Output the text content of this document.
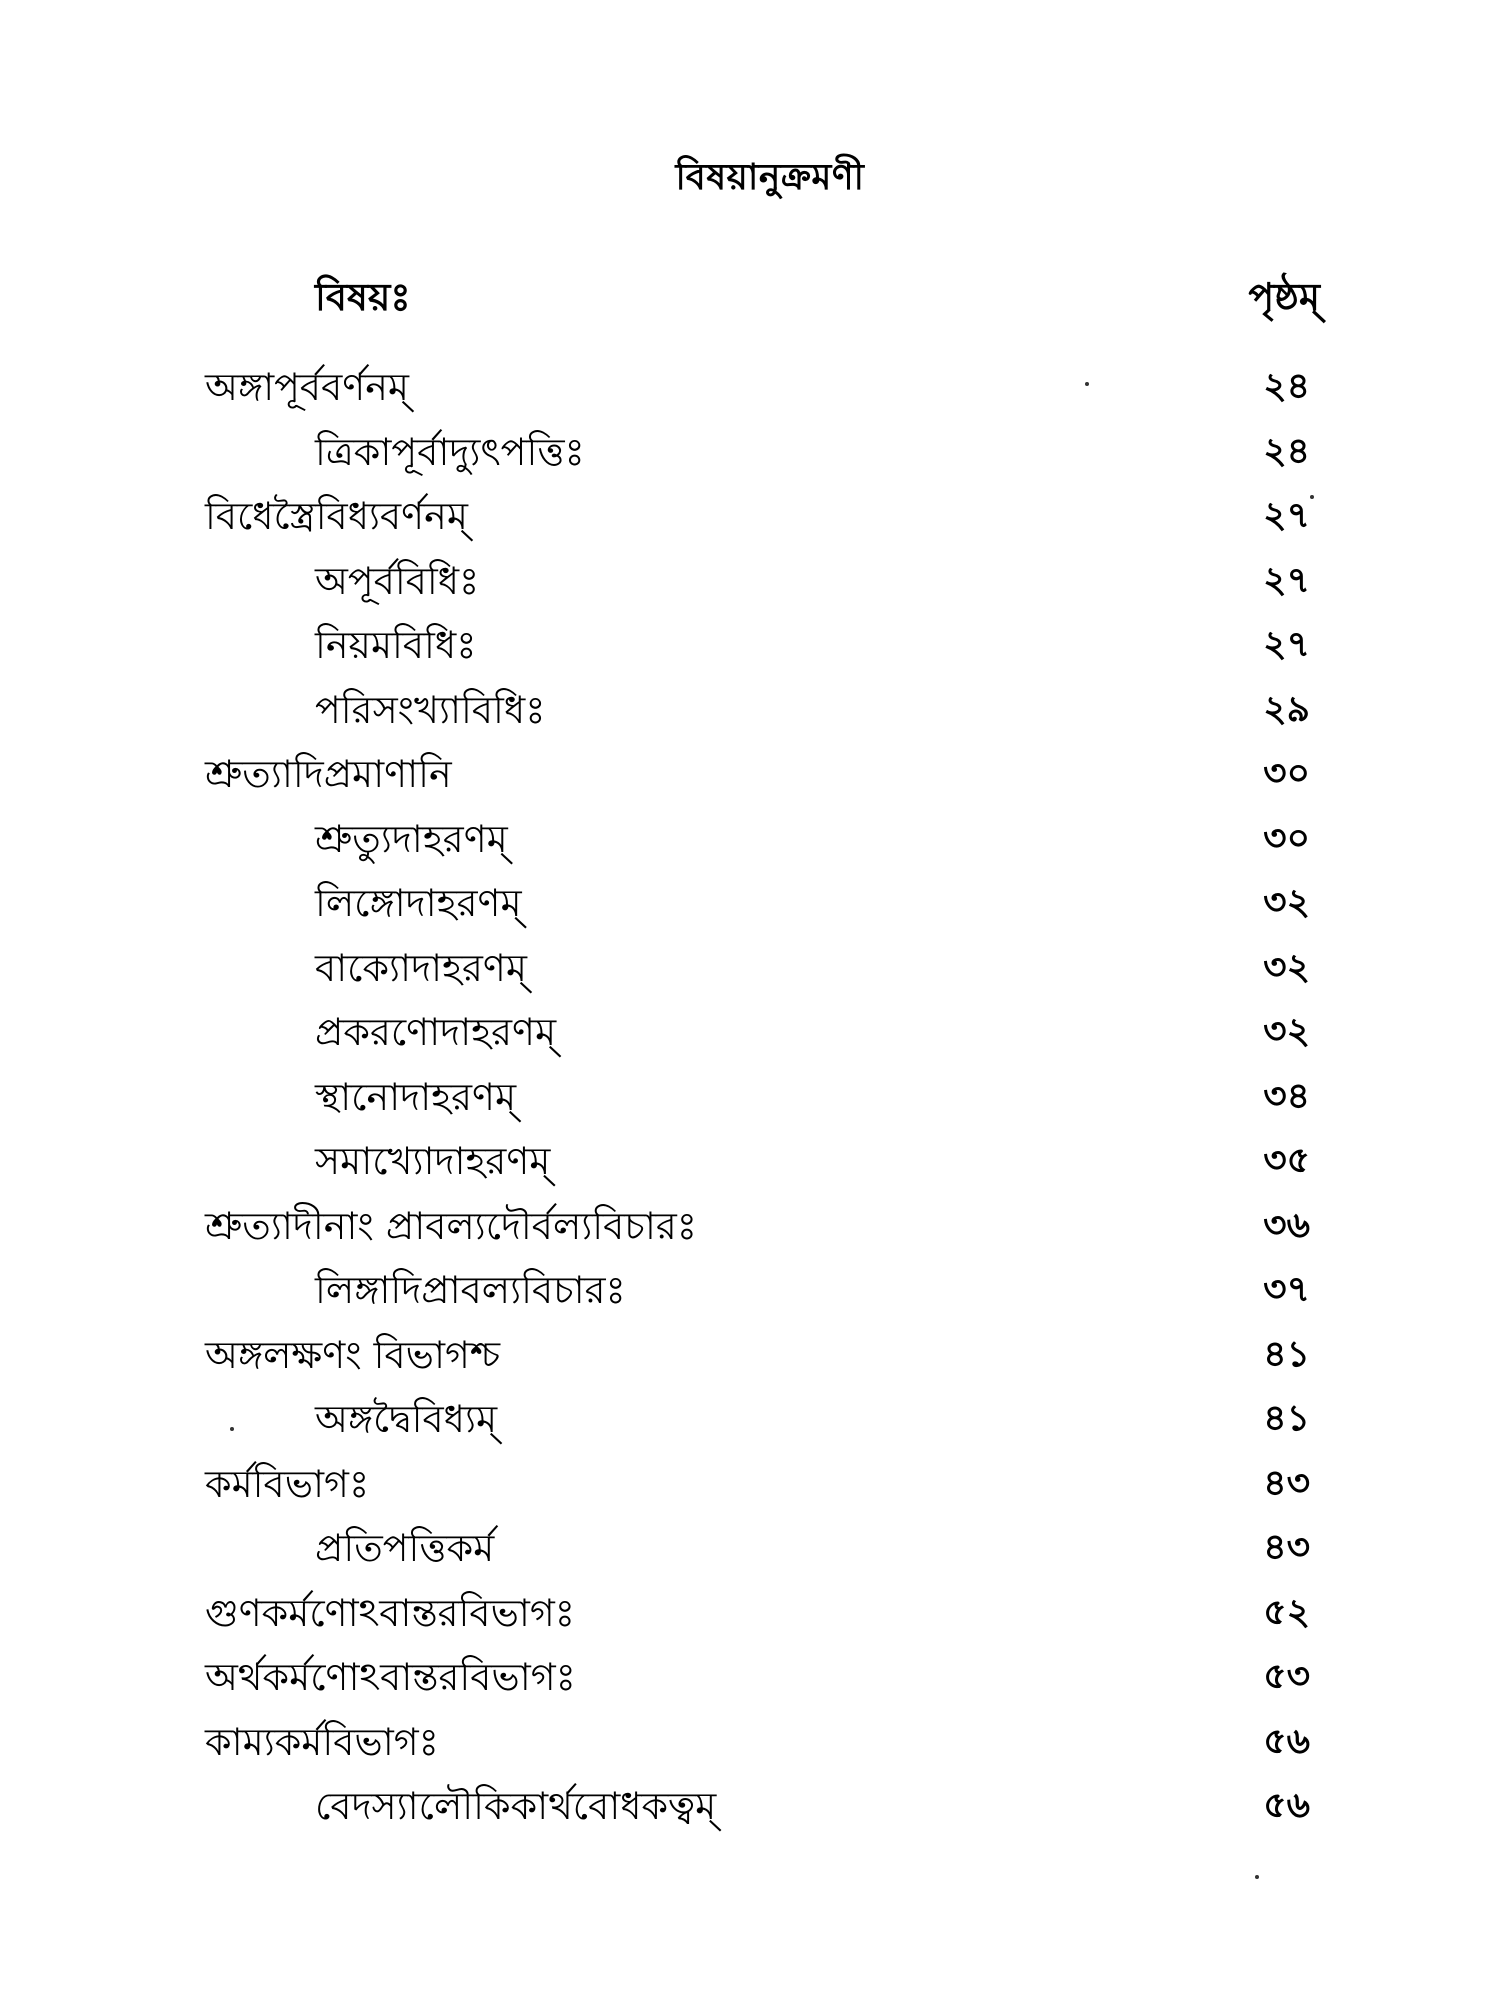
বিষয়ানুক্রমণী
বিষয়ঃ	পৃষ্ঠম্
অঙ্গাপূর্ববর্ণনম্	২৪
ত্রিকাপূর্বাদ্যুৎপত্তিঃ	২৪
বিধেস্ত্রৈবিধ্যবর্ণনম্	২৭
অপূর্ববিধিঃ	২৭
নিয়মবিধিঃ	২৭
পরিসংখ্যাবিধিঃ	২৯
শ্রুত্যাদিপ্রমাণানি	৩০
শ্রুত্যুদাহরণম্	৩০
লিঙ্গোদাহরণম্	৩২
বাক্যোদাহরণম্	৩২
প্রকরণোদাহরণম্	৩২
স্থানোদাহরণম্	৩৪
সমাখ্যোদাহরণম্	৩৫
শ্রুত্যাদীনাং প্রাবল্যদৌর্বল্যবিচারঃ	৩৬
লিঙ্গাদিপ্রাবল্যবিচারঃ	৩৭
অঙ্গলক্ষণং বিভাগশ্চ	৪১
অঙ্গদ্বৈবিধ্যম্	৪১
কর্মবিভাগঃ	৪৩
প্রতিপত্তিকর্ম	৪৩
গুণকর্মণোঽবান্তরবিভাগঃ	৫২
অর্থকর্মণোঽবান্তরবিভাগঃ	৫৩
কাম্যকর্মবিভাগঃ	৫৬
বেদস্যালৌকিকার্থবোধকত্বম্	৫৬
